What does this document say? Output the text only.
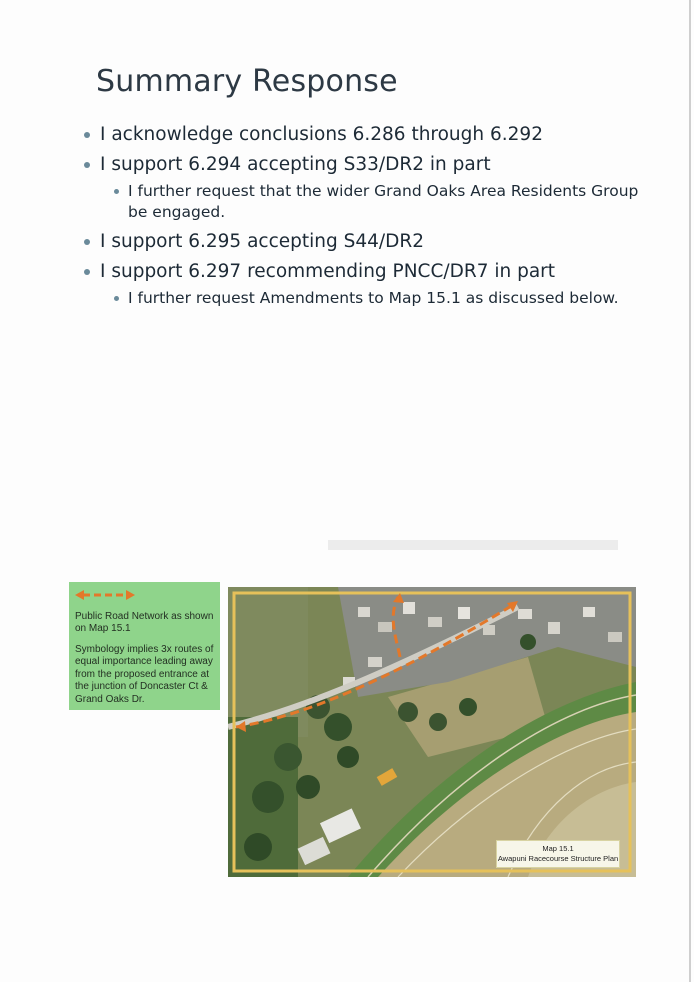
Summary Response
I acknowledge conclusions 6.286 through 6.292
I support 6.294 accepting S33/DR2 in part
I further request that the wider Grand Oaks Area Residents Group be engaged.
I support 6.295 accepting S44/DR2
I support 6.297 recommending PNCC/DR7 in part
I further request Amendments to Map 15.1 as discussed below.

Public Road Network as shown on Map 15.1

Symbology implies 3x routes of equal importance leading away from the proposed entrance at the junction of Doncaster Ct & Grand Oaks Dr.

Map 15.1
Awapuni Racecourse Structure Plan
